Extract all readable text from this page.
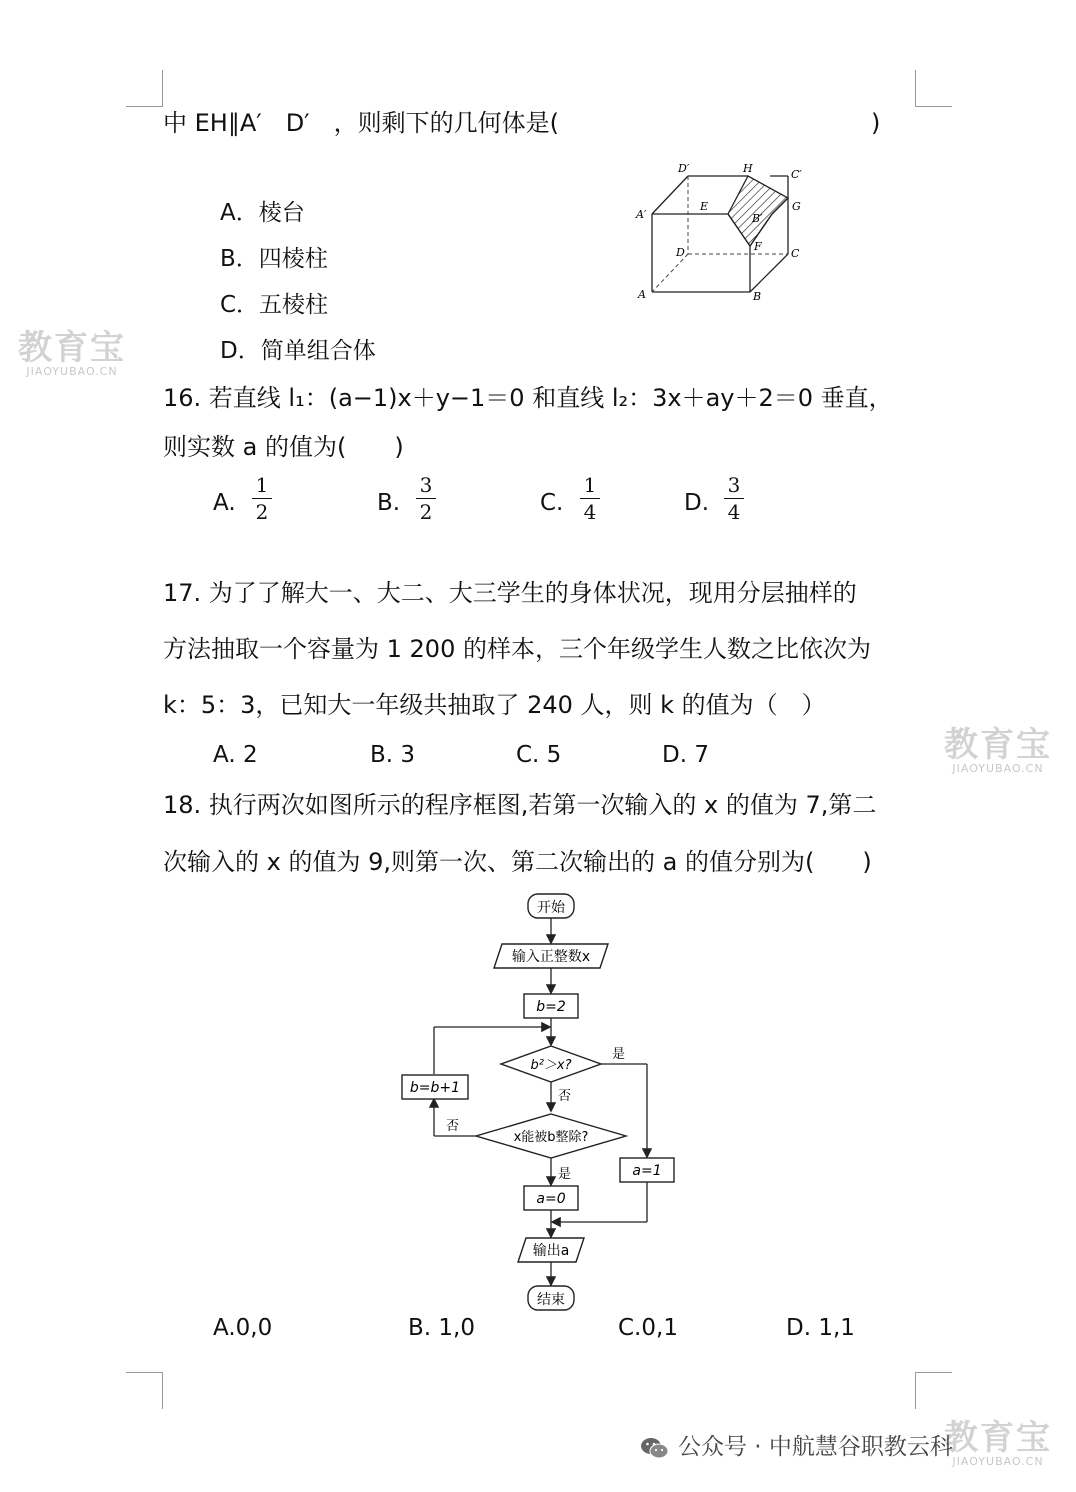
中 EH∥A′　D′　，则剩下的几何体是(　　　　　　　　　　　　　)
A．棱台
B．四棱柱
C．五棱柱
D．简单组合体
D′	H	C′
A′
E
B′
G
D	F
C
A	B
16. 若直线 l₁：(a−1)x＋y−1＝0 和直线 l₂：3x＋ay＋2＝0 垂直，
则实数 a 的值为(　　)
A.
1
2	B.
3
2	C.
1
4	D.
3
4
17. 为了了解大一、大二、大三学生的身体状况，现用分层抽样的
方法抽取一个容量为 1 200 的样本，三个年级学生人数之比依次为
k：5：3，已知大一年级共抽取了 240 人，则 k 的值为（　）
A. 2	B. 3	C. 5	D. 7
18. 执行两次如图所示的程序框图,若第一次输入的 x 的值为 7,第二
次输入的 x 的值为 9,则第一次、第二次输出的 a 的值分别为(　　)
开始
输入正整数x
b=2
b²＞x?
是
否
x能被b整除?
否
b=b+1
是
a=0
a=1
输出a
结束
A.0,0	B. 1,0	C.0,1	D. 1,1
教育宝
JIAOYUBAO.CN
教育宝
JIAOYUBAO.CN
教育宝
JIAOYUBAO.CN
公众号 · 中航慧谷职教云科
